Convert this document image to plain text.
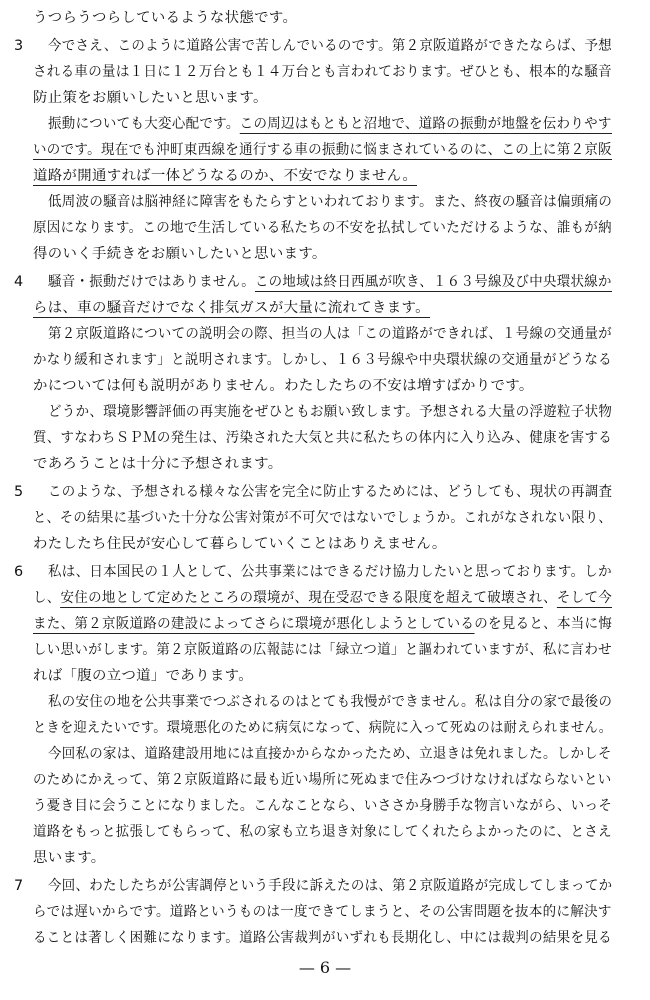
うつらうつらしているような状態です。
3 今でさえ、このように道路公害で苦しんでいるのです。第２京阪道路ができたならば、予想
される車の量は１日に１２万台とも１４万台とも言われております。ぜひとも、根本的な騒音
防止策をお願いしたいと思います。
振動についても大変心配です。この周辺はもともと沼地で、道路の振動が地盤を伝わりやす
いのです。現在でも沖町東西線を通行する車の振動に悩まされているのに、この上に第２京阪
道路が開通すれば一体どうなるのか、不安でなりません。
低周波の騒音は脳神経に障害をもたらすといわれております。また、終夜の騒音は偏頭痛の
原因になります。この地で生活している私たちの不安を払拭していただけるような、誰もが納
得のいく手続きをお願いしたいと思います。
4 騒音・振動だけではありません。この地域は終日西風が吹き、１６３号線及び中央環状線か
らは、車の騒音だけでなく排気ガスが大量に流れてきます。
第２京阪道路についての説明会の際、担当の人は「この道路ができれば、１号線の交通量が
かなり緩和されます」と説明されます。しかし、１６３号線や中央環状線の交通量がどうなる
かについては何も説明がありません。わたしたちの不安は増すばかりです。
どうか、環境影響評価の再実施をぜひともお願い致します。予想される大量の浮遊粒子状物
質、すなわちＳＰＭの発生は、汚染された大気と共に私たちの体内に入り込み、健康を害する
であろうことは十分に予想されます。
5 このような、予想される様々な公害を完全に防止するためには、どうしても、現状の再調査
と、その結果に基づいた十分な公害対策が不可欠ではないでしょうか。これがなされない限り、
わたしたち住民が安心して暮らしていくことはありえません。
6 私は、日本国民の１人として、公共事業にはできるだけ協力したいと思っております。しか
し、安住の地として定めたところの環境が、現在受忍できる限度を超えて破壊され、そして今
また、第２京阪道路の建設によってさらに環境が悪化しようとしているのを見ると、本当に悔
しい思いがします。第２京阪道路の広報誌には「緑立つ道」と謳われていますが、私に言わせ
れば「腹の立つ道」であります。
私の安住の地を公共事業でつぶされるのはとても我慢ができません。私は自分の家で最後の
ときを迎えたいです。環境悪化のために病気になって、病院に入って死ぬのは耐えられません。
今回私の家は、道路建設用地には直接かからなかったため、立退きは免れました。しかしそ
のためにかえって、第２京阪道路に最も近い場所に死ぬまで住みつづけなければならないとい
う憂き目に会うことになりました。こんなことなら、いささか身勝手な物言いながら、いっそ
道路をもっと拡張してもらって、私の家も立ち退き対象にしてくれたらよかったのに、とさえ
思います。
7 今回、わたしたちが公害調停という手段に訴えたのは、第２京阪道路が完成してしまってか
らでは遅いからです。道路というものは一度できてしまうと、その公害問題を抜本的に解決す
ることは著しく困難になります。道路公害裁判がいずれも長期化し、中には裁判の結果を見る
— 6 —
